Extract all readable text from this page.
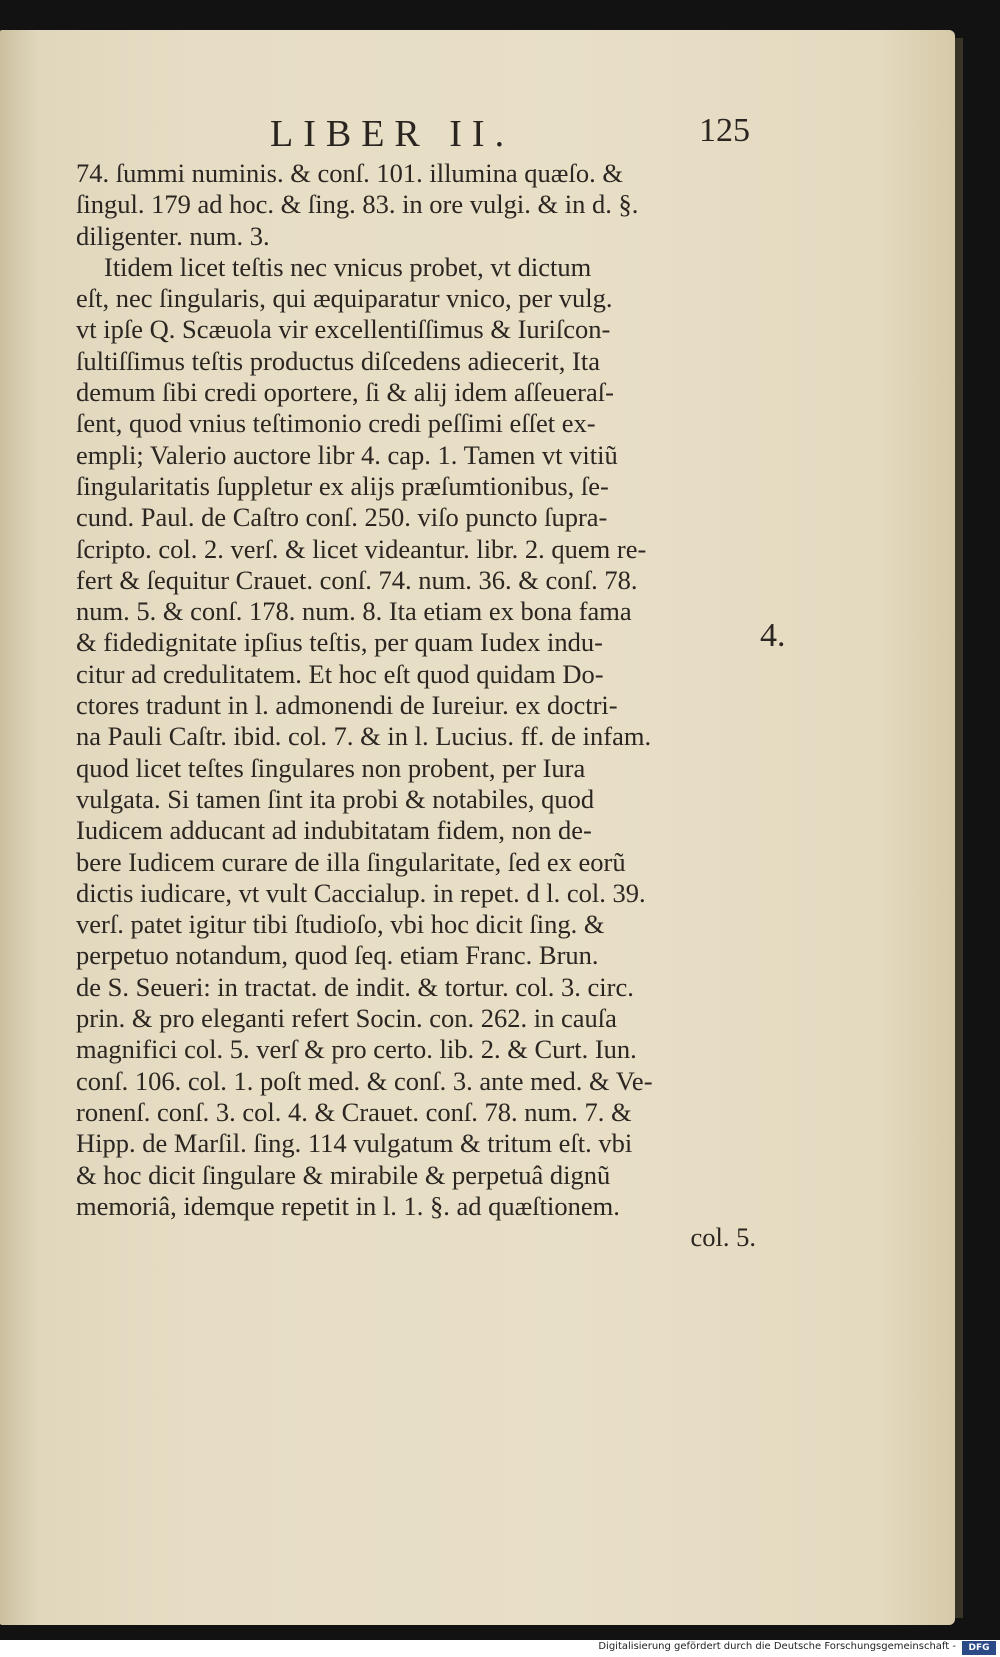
LIBER II.	125
74. ſummi numinis. & conſ. 101. illumina quæſo. &
ſingul. 179 ad hoc. & ſing. 83. in ore vulgi. & in d. §.
diligenter. num. 3.
Itidem licet teſtis nec vnicus probet, vt dictum
eſt, nec ſingularis, qui æquiparatur vnico, per vulg.
vt ipſe Q. Scæuola vir excellentiſſimus & Iuriſcon-
ſultiſſimus teſtis productus diſcedens adiecerit, Ita
demum ſibi credi oportere, ſi & alij idem aſſeueraſ-
ſent, quod vnius teſtimonio credi peſſimi eſſet ex-
empli; Valerio auctore libr 4. cap. 1. Tamen vt vitiũ
ſingularitatis ſuppletur ex alijs præſumtionibus, ſe-
cund. Paul. de Caſtro conſ. 250. viſo puncto ſupra-
ſcripto. col. 2. verſ. & licet videantur. libr. 2. quem re-
fert & ſequitur Crauet. conſ. 74. num. 36. & conſ. 78.
num. 5. & conſ. 178. num. 8. Ita etiam ex bona fama
& fidedignitate ipſius teſtis, per quam Iudex indu-
citur ad credulitatem. Et hoc eſt quod quidam Do-
ctores tradunt in l. admonendi de Iureiur. ex doctri-
na Pauli Caſtr. ibid. col. 7. & in l. Lucius. ff. de infam.
quod licet teſtes ſingulares non probent, per Iura
vulgata. Si tamen ſint ita probi & notabiles, quod
Iudicem adducant ad indubitatam fidem, non de-
bere Iudicem curare de illa ſingularitate, ſed ex eorũ
dictis iudicare, vt vult Caccialup. in repet. d l. col. 39.
verſ. patet igitur tibi ſtudioſo, vbi hoc dicit ſing. &
perpetuo notandum, quod ſeq. etiam Franc. Brun.
de S. Seueri: in tractat. de indit. & tortur. col. 3. circ.
prin. & pro eleganti refert Socin. con. 262. in cauſa
magnifici col. 5. verſ & pro certo. lib. 2. & Curt. Iun.
conſ. 106. col. 1. poſt med. & conſ. 3. ante med. & Ve-
ronenſ. conſ. 3. col. 4. & Crauet. conſ. 78. num. 7. &
Hipp. de Marſil. ſing. 114 vulgatum & tritum eſt. vbi
& hoc dicit ſingulare & mirabile & perpetuâ dignũ
memoriâ, idemque repetit in l. 1. §. ad quæſtionem.
col. 5.
4.
Digitalisierung gefördert durch die Deutsche Forschungsgemeinschaft -	DFG
